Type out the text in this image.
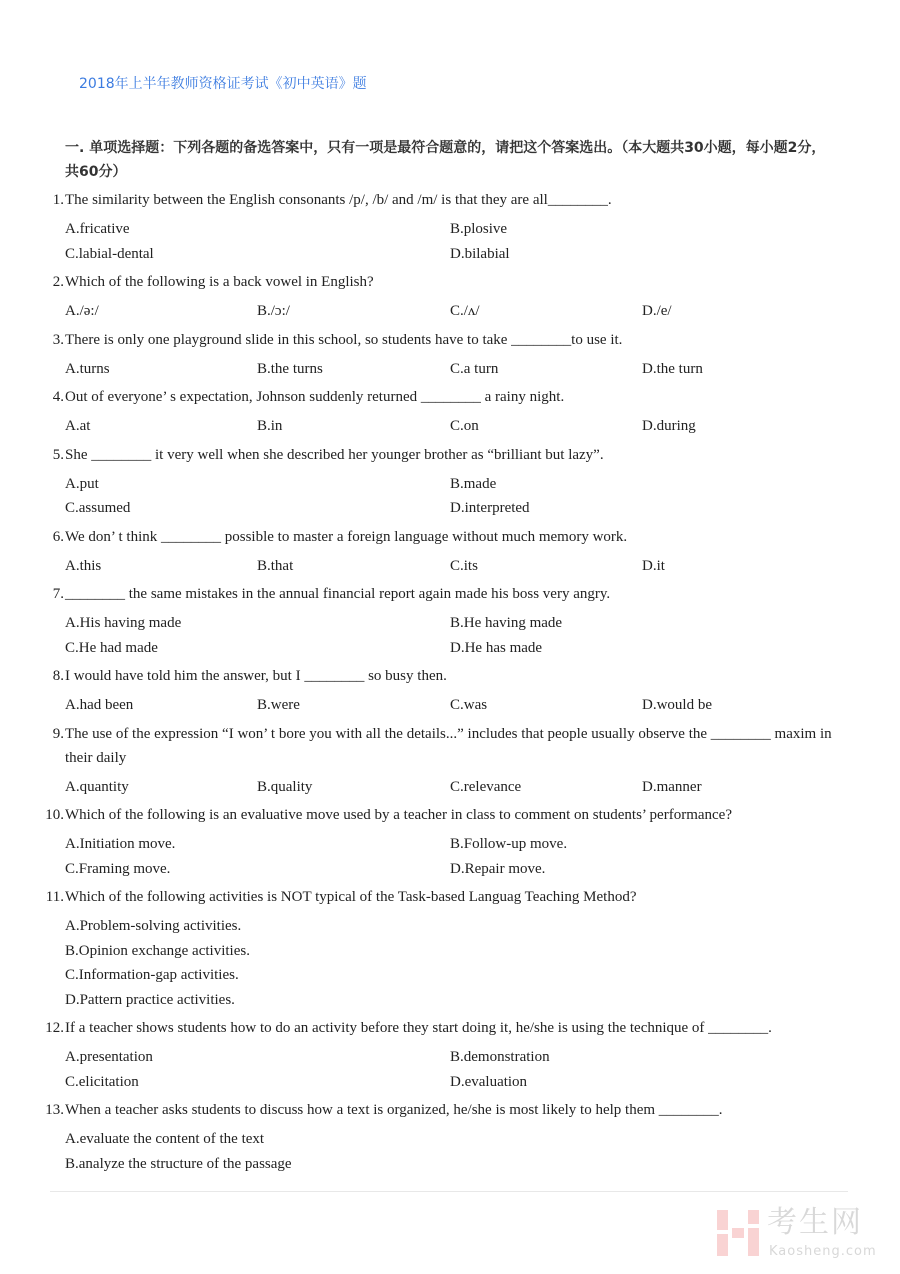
2018年上半年教师资格证考试《初中英语》题
一. 单项选择题：下列各题的备选答案中，只有一项是最符合题意的，请把这个答案选出。（本大题共30小题，每小题2分，共60分）
1. The similarity between the English consonants /p/, /b/ and /m/ is that they are all________.
A.fricative	B.plosive
C.labial-dental	D.bilabial
2. Which of the following is a back vowel in English?
A./ə:/	B./ɔ:/	C./ʌ/	D./e/
3. There is only one playground slide in this school, so students have to take ________to use it.
A.turns	B.the turns	C.a turn	D.the turn
4. Out of everyone’ s expectation, Johnson suddenly returned ________ a rainy night.
A.at	B.in	C.on	D.during
5. She ________ it very well when she described her younger brother as “brilliant but lazy”.
A.put	B.made
C.assumed	D.interpreted
6. We don’ t think ________ possible to master a foreign language without much memory work.
A.this	B.that	C.its	D.it
7. ________ the same mistakes in the annual financial report again made his boss very angry.
A.His having made	B.He having made
C.He had made	D.He has made
8. I would have told him the answer, but I ________ so busy then.
A.had been	B.were	C.was	D.would be
9. The use of the expression “I won’ t bore you with all the details...” includes that people usually observe the ________ maxim in their daily
A.quantity	B.quality	C.relevance	D.manner
10. Which of the following is an evaluative move used by a teacher in class to comment on students’ performance?
A.Initiation move.	B.Follow-up move.
C.Framing move.	D.Repair move.
11. Which of the following activities is NOT typical of the Task-based Languag Teaching Method?
A.Problem-solving activities.
B.Opinion exchange activities.
C.Information-gap activities.
D.Pattern practice activities.
12. If a teacher shows students how to do an activity before they start doing it, he/she is using the technique of ________.
A.presentation	B.demonstration
C.elicitation	D.evaluation
13. When a teacher asks students to discuss how a text is organized, he/she is most likely to help them ________.
A.evaluate the content of the text
B.analyze the structure of the passage
考生网
Kaosheng.com
